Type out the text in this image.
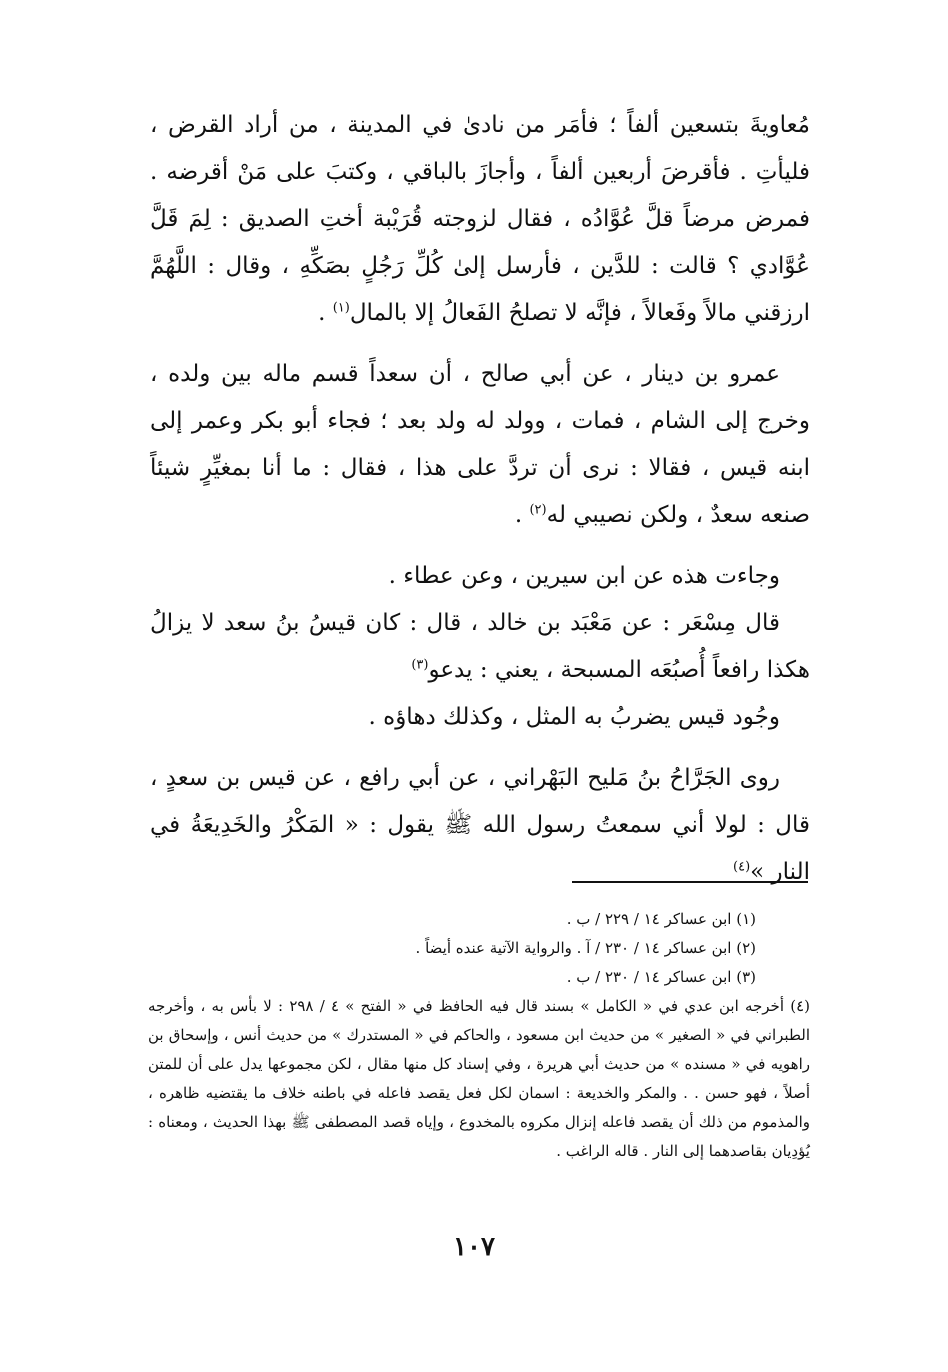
مُعاويةَ بتسعين ألفاً ؛ فأمَر من نادىٰ في المدينة ، من أراد القرض ، فليأتِ . فأقرضَ أربعين ألفاً ، وأجازَ بالباقي ، وكتبَ على مَنْ أقرضه . فمرض مرضاً قلَّ عُوَّادُه ، فقال لزوجته قُرَيْبة أختِ الصديق : لِمَ قَلَّ عُوَّادي ؟ قالت : للدَّين ، فأرسل إلىٰ كُلِّ رَجُلٍ بصَكِّهِ ، وقال : اللَّهُمَّ ارزقني مالاً وفَعالاً ، فإنَّه لا تصلحُ الفَعالُ إلا بالمال$^{(١)}$ .

عمرو بن دينار ، عن أبي صالح ، أن سعداً قسم ماله بين ولده ، وخرج إلى الشام ، فمات ، وولد له ولد بعد ؛ فجاء أبو بكر وعمر إلى ابنه قيس ، فقالا : نرى أن تردَّ على هذا ، فقال : ما أنا بمغيِّرٍ شيئاً صنعه سعدٌ ، ولكن نصيبي له$^{(٢)}$ .

وجاءت هذه عن ابن سيرين ، وعن عطاء .

قال مِسْعَر : عن مَعْبَد بن خالد ، قال : كان قيسُ بنُ سعد لا يزالُ هكذا رافعاً أُصبُعَه المسبحة ، يعني : يدعو$^{(٣)}$

وجُود قيس يضربُ به المثل ، وكذلك دهاؤه .

روى الجَرَّاحُ بنُ مَليح البَهْراني ، عن أبي رافع ، عن قيس بن سعدٍ ، قال : لولا أني سمعتُ رسول الله ﷺ يقول : « المَكْرُ والخَدِيعَةُ في النار »$^{(٤)}$

(١) ابن عساكر ١٤ / ٢٢٩ / ب .

(٢) ابن عساكر ١٤ / ٢٣٠ / آ . والرواية الآتية عنده أيضاً .

(٣) ابن عساكر ١٤ / ٢٣٠ / ب .

(٤) أخرجه ابن عدي في « الكامل » بسند قال فيه الحافظ في « الفتح » ٤ / ٢٩٨ : لا بأس به ، وأخرجه الطبراني في « الصغير » من حديث ابن مسعود ، والحاكم في « المستدرك » من حديث أنس ، وإسحاق بن راهويه في « مسنده » من حديث أبي هريرة ، وفي إسناد كل منها مقال ، لكن مجموعها يدل على أن للمتن أصلاً ، فهو حسن . . والمكر والخديعة : اسمان لكل فعل يقصد فاعله في باطنه خلاف ما يقتضيه ظاهره ، والمذموم من ذلك أن يقصد فاعله إنزال مكروه بالمخدوع ، وإياه قصد المصطفى ﷺ بهذا الحديث ، ومعناه : يُؤدِيان بقاصدهما إلى النار . قاله الراغب .

١٠٧
